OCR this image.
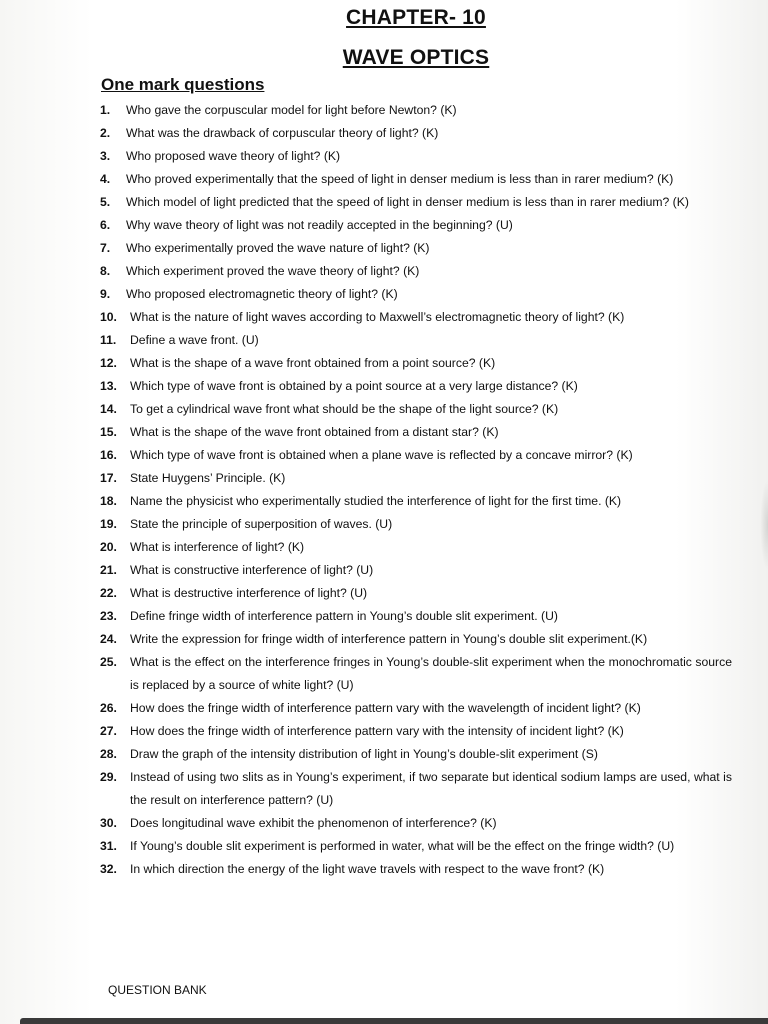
CHAPTER- 10
WAVE OPTICS
One mark questions
1.	Who gave the corpuscular model for light before Newton? (K)
2.	What was the drawback of corpuscular theory of light? (K)
3.	Who proposed wave theory of light? (K)
4.	Who proved experimentally that the speed of light in denser medium is less than in rarer medium? (K)
5.	Which model of light predicted that the speed of light in denser medium is less than in rarer medium? (K)
6.	Why wave theory of light was not readily accepted in the beginning? (U)
7.	Who experimentally proved the wave nature of light? (K)
8.	Which experiment proved the wave theory of light? (K)
9.	Who proposed electromagnetic theory of light? (K)
10.	What is the nature of light waves according to Maxwell’s electromagnetic theory of light? (K)
11.	Define a wave front. (U)
12.	What is the shape of a wave front obtained from a point source? (K)
13.	Which type of wave front is obtained by a point source at a very large distance? (K)
14.	To get a cylindrical wave front what should be the shape of the light source? (K)
15.	What is the shape of the wave front obtained from a distant star? (K)
16.	Which type of wave front is obtained when a plane wave is reflected by a concave mirror? (K)
17.	State Huygens’ Principle. (K)
18.	Name the physicist who experimentally studied the interference of light for the first time. (K)
19.	State the principle of superposition of waves. (U)
20.	What is interference of light? (K)
21.	What is constructive interference of light? (U)
22.	What is destructive interference of light? (U)
23.	Define fringe width of interference pattern in Young’s double slit experiment. (U)
24.	Write the expression for fringe width of interference pattern in Young’s double slit experiment.(K)
25.	What is the effect on the interference fringes in Young’s double-slit experiment when the monochromatic source is replaced by a source of white light? (U)
26.	How does the fringe width of interference pattern vary with the wavelength of incident light? (K)
27.	How does the fringe width of interference pattern vary with the intensity of incident light? (K)
28.	Draw the graph of the intensity distribution of light in Young’s double-slit experiment (S)
29.	Instead of using two slits as in Young’s experiment, if two separate but identical sodium lamps are used, what is the result on interference pattern? (U)
30.	Does longitudinal wave exhibit the phenomenon of interference? (K)
31.	If Young’s double slit experiment is performed in water, what will be the effect on the fringe width? (U)
32.	In which direction the energy of the light wave travels with respect to the wave front? (K)
QUESTION BANK
